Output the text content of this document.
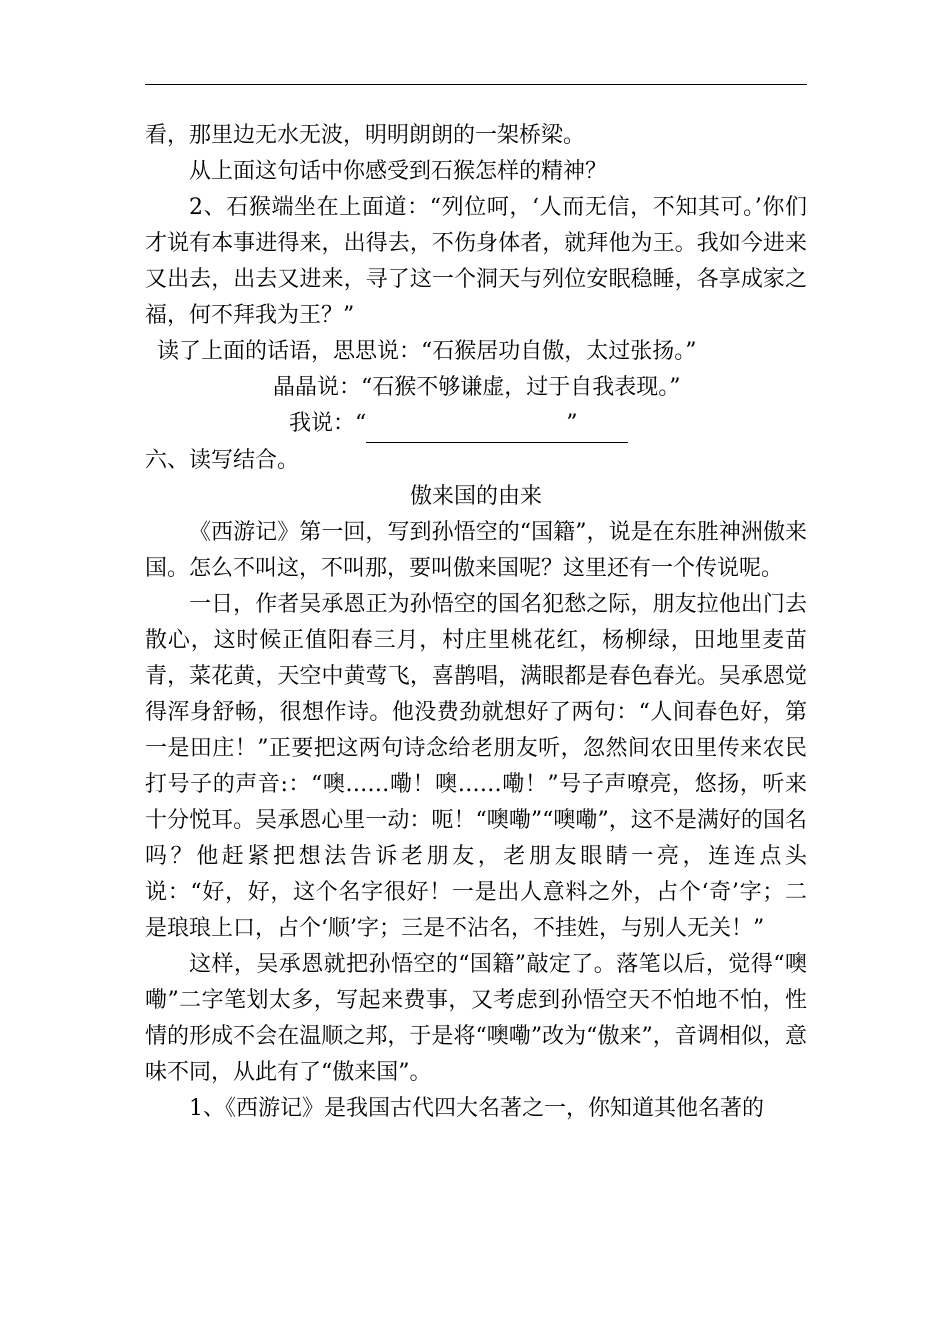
看，那里边无水无波，明明朗朗的一架桥梁。

从上面这句话中你感受到石猴怎样的精神？

2、石猴端坐在上面道：“列位呵，‘人而无信，不知其可。’你们才说有本事进得来，出得去，不伤身体者，就拜他为王。我如今进来又出去，出去又进来，寻了这一个洞天与列位安眠稳睡，各享成家之福，何不拜我为王？”

读了上面的话语，思思说：“石猴居功自傲，太过张扬。”

晶晶说：“石猴不够谦虚，过于自我表现。”

我说：“	”

六、读写结合。

傲来国的由来

《西游记》第一回，写到孙悟空的“国籍”，说是在东胜神洲傲来国。怎么不叫这，不叫那，要叫傲来国呢？这里还有一个传说呢。

一日，作者吴承恩正为孙悟空的国名犯愁之际，朋友拉他出门去散心，这时候正值阳春三月，村庄里桃花红，杨柳绿，田地里麦苗青，菜花黄，天空中黄莺飞，喜鹊唱，满眼都是春色春光。吴承恩觉得浑身舒畅，很想作诗。他没费劲就想好了两句：“人间春色好，第一是田庄！”正要把这两句诗念给老朋友听，忽然间农田里传来农民打号子的声音:：“噢……嘞！噢……嘞！”号子声嘹亮，悠扬，听来十分悦耳。吴承恩心里一动：呃！“噢嘞”“噢嘞”，这不是满好的国名吗？他赶紧把想法告诉老朋友，老朋友眼睛一亮，连连点头说：“好，好，这个名字很好！一是出人意料之外，占个‘奇’字；二是琅琅上口，占个‘顺’字；三是不沾名，不挂姓，与别人无关！”

这样，吴承恩就把孙悟空的“国籍”敲定了。落笔以后，觉得“噢嘞”二字笔划太多，写起来费事，又考虑到孙悟空天不怕地不怕，性情的形成不会在温顺之邦，于是将“噢嘞”改为“傲来”，音调相似，意味不同，从此有了“傲来国”。

1、《西游记》是我国古代四大名著之一，你知道其他名著的
